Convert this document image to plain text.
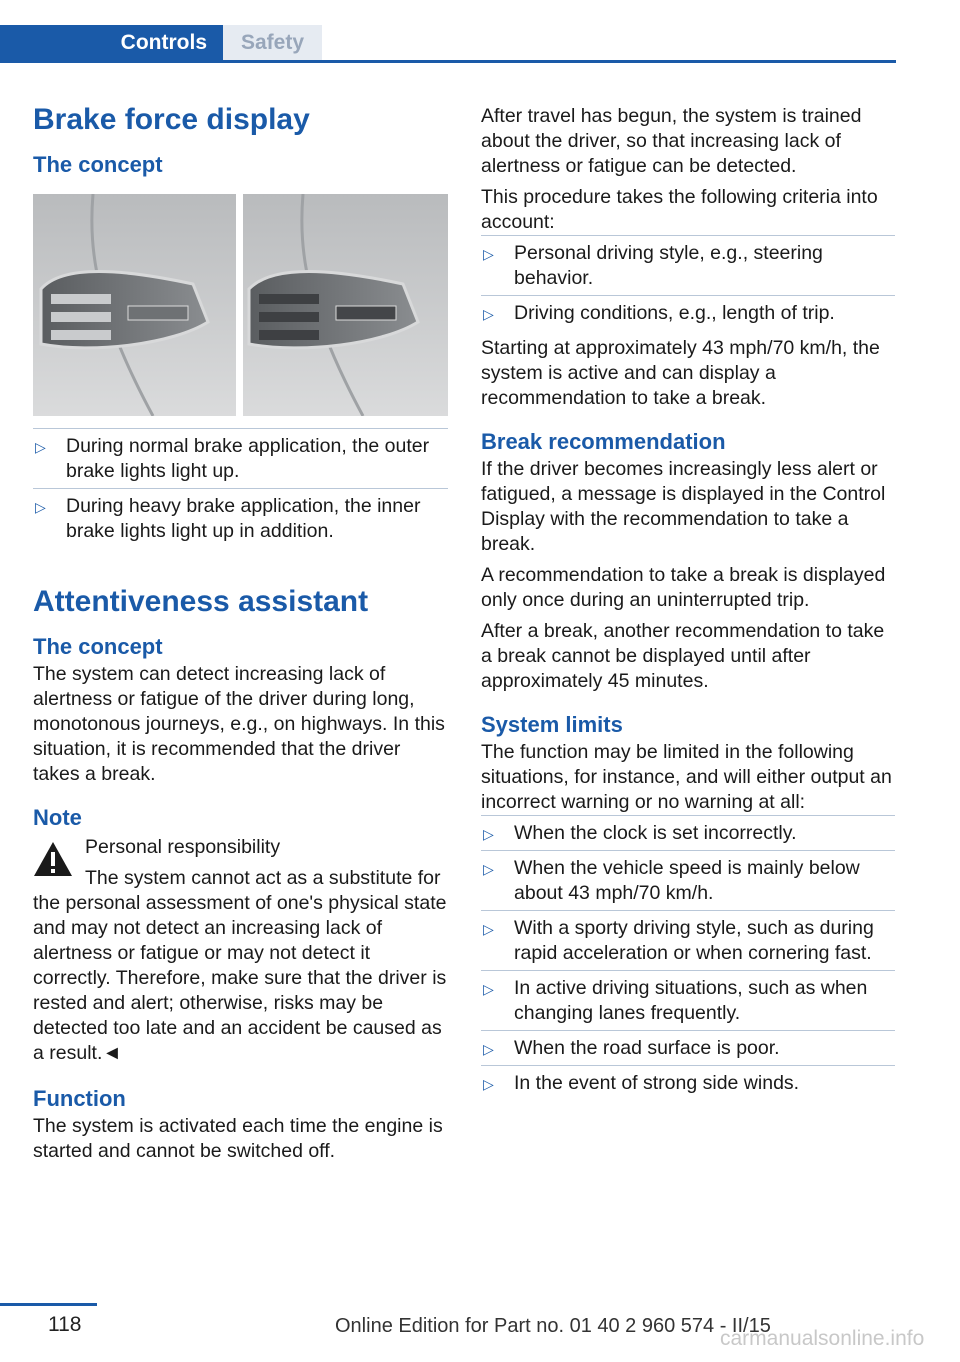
Controls	Safety
Brake force display
The concept
▷ During normal brake application, the outer brake lights light up.
▷ During heavy brake application, the inner brake lights light up in addition.
Attentiveness assistant
The concept

The system can detect increasing lack of alertness or fatigue of the driver during long, monotonous journeys, e.g., on highways. In this situation, it is recommended that the driver takes a break.

Note

Personal responsibility

The system cannot act as a substitute for the personal assessment of one's physical state and may not detect an increasing lack of alertness or fatigue or may not detect it correctly. Therefore, make sure that the driver is rested and alert; otherwise, risks may be detected too late and an accident be caused as a result.◄

Function

The system is activated each time the engine is started and cannot be switched off.

After travel has begun, the system is trained about the driver, so that increasing lack of alertness or fatigue can be detected.

This procedure takes the following criteria into account:

▷ Personal driving style, e.g., steering behavior.
▷ Driving conditions, e.g., length of trip.

Starting at approximately 43 mph/70 km/h, the system is active and can display a recommendation to take a break.

Break recommendation

If the driver becomes increasingly less alert or fatigued, a message is displayed in the Control Display with the recommendation to take a break.

A recommendation to take a break is displayed only once during an uninterrupted trip.

After a break, another recommendation to take a break cannot be displayed until after approximately 45 minutes.

System limits

The function may be limited in the following situations, for instance, and will either output an incorrect warning or no warning at all:

▷ When the clock is set incorrectly.
▷ When the vehicle speed is mainly below about 43 mph/70 km/h.
▷ With a sporty driving style, such as during rapid acceleration or when cornering fast.
▷ In active driving situations, such as when changing lanes frequently.
▷ When the road surface is poor.
▷ In the event of strong side winds.
118	Online Edition for Part no. 01 40 2 960 574 - II/15
carmanualsonline.info
